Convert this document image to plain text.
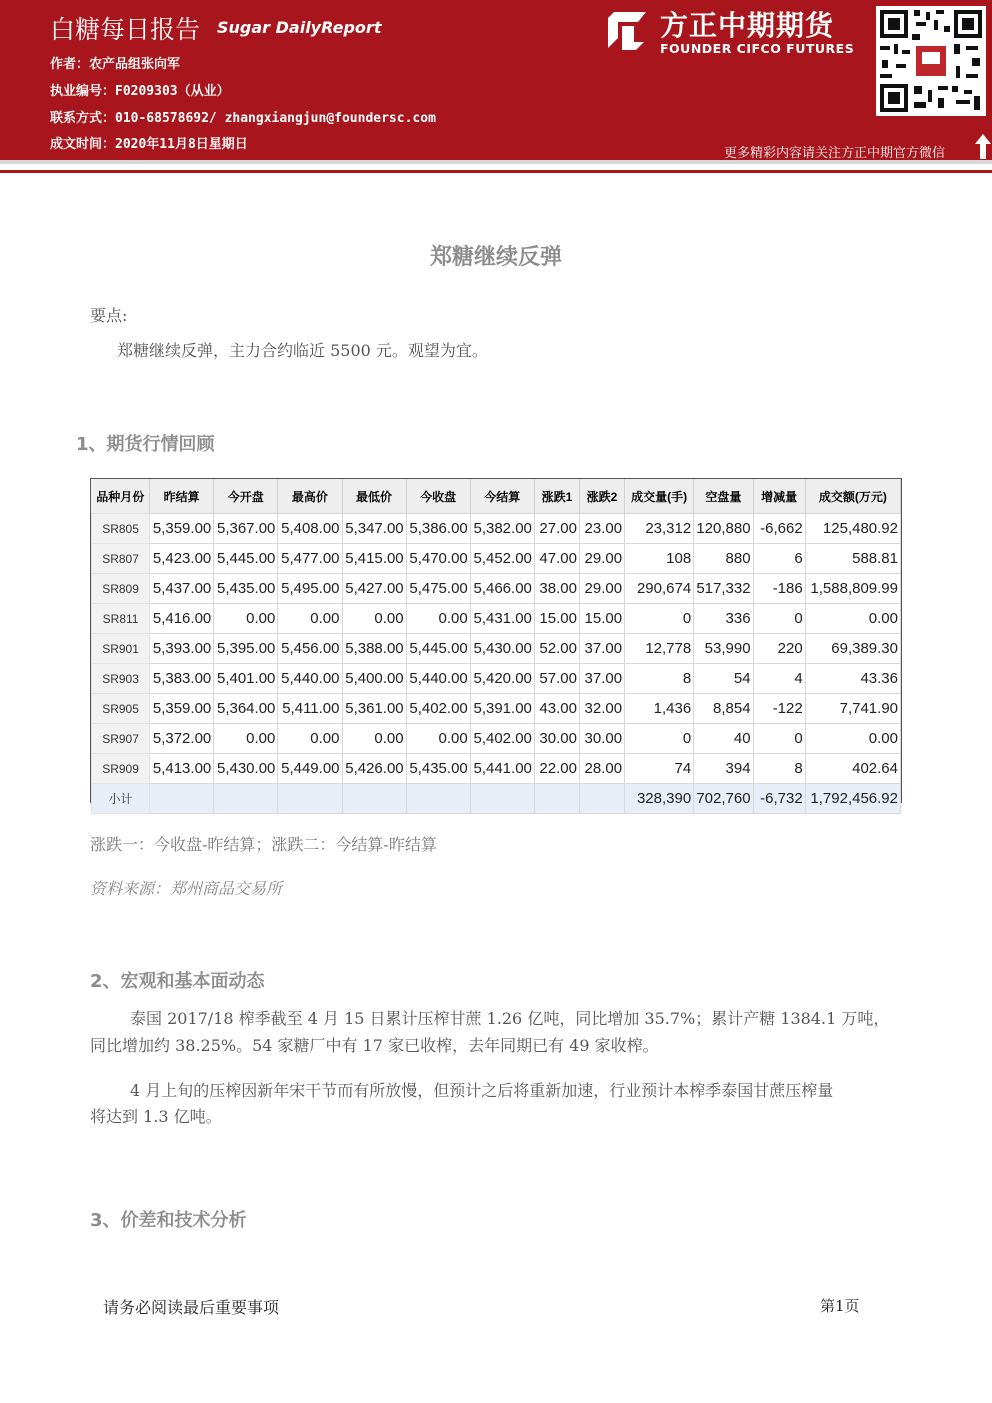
白糖每日报告 Sugar DailyReport
作者：农产品组张向军
执业编号：F0209303（从业）
联系方式：010-68578692/ zhangxiangjun@foundersc.com
成文时间：2020年11月8日星期日
方正中期期货
FOUNDER CIFCO FUTURES
更多精彩内容请关注方正中期官方微信
郑糖继续反弹
要点:
郑糖继续反弹，主力合约临近 5500 元。观望为宜。
1、期货行情回顾
品种月份	昨结算	今开盘	最高价	最低价	今收盘	今结算	涨跌1	涨跌2	成交量(手)	空盘量	增减量	成交额(万元)
SR805	5,359.00	5,367.00	5,408.00	5,347.00	5,386.00	5,382.00	27.00	23.00	23,312	120,880	-6,662	125,480.92
SR807	5,423.00	5,445.00	5,477.00	5,415.00	5,470.00	5,452.00	47.00	29.00	108	880	6	588.81
SR809	5,437.00	5,435.00	5,495.00	5,427.00	5,475.00	5,466.00	38.00	29.00	290,674	517,332	-186	1,588,809.99
SR811	5,416.00	0.00	0.00	0.00	0.00	5,431.00	15.00	15.00	0	336	0	0.00
SR901	5,393.00	5,395.00	5,456.00	5,388.00	5,445.00	5,430.00	52.00	37.00	12,778	53,990	220	69,389.30
SR903	5,383.00	5,401.00	5,440.00	5,400.00	5,440.00	5,420.00	57.00	37.00	8	54	4	43.36
SR905	5,359.00	5,364.00	5,411.00	5,361.00	5,402.00	5,391.00	43.00	32.00	1,436	8,854	-122	7,741.90
SR907	5,372.00	0.00	0.00	0.00	0.00	5,402.00	30.00	30.00	0	40	0	0.00
SR909	5,413.00	5,430.00	5,449.00	5,426.00	5,435.00	5,441.00	22.00	28.00	74	394	8	402.64
小计									328,390	702,760	-6,732	1,792,456.92
涨跌一：今收盘-昨结算；涨跌二：今结算-昨结算
资料来源：郑州商品交易所
2、宏观和基本面动态
泰国 2017/18 榨季截至 4 月 15 日累计压榨甘蔗 1.26 亿吨，同比增加 35.7%；累计产糖 1384.1 万吨，
同比增加约 38.25%。54 家糖厂中有 17 家已收榨，去年同期已有 49 家收榨。
4 月上旬的压榨因新年宋干节而有所放慢，但预计之后将重新加速，行业预计本榨季泰国甘蔗压榨量
将达到 1.3 亿吨。
3、价差和技术分析
请务必阅读最后重要事项	第1页
